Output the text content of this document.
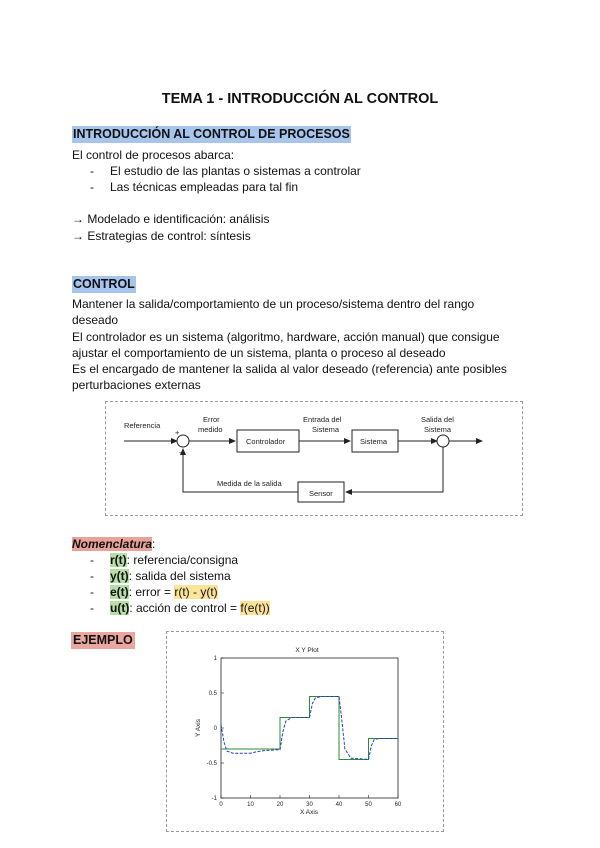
TEMA 1 - INTRODUCCIÓN AL CONTROL
INTRODUCCIÓN AL CONTROL DE PROCESOS
El control de procesos abarca:
- El estudio de las plantas o sistemas a controlar
- Las técnicas empleadas para tal fin
→ Modelado e identificación: análisis
→ Estrategias de control: síntesis
CONTROL
Mantener la salida/comportamiento de un proceso/sistema dentro del rango
deseado
El controlador es un sistema (algoritmo, hardware, acción manual) que consigue
ajustar el comportamiento de un sistema, planta o proceso al deseado
Es el encargado de mantener la salida al valor deseado (referencia) ante posibles
perturbaciones externas
Referencia
Error
medido
Controlador
Entrada del
Sistema
Sistema
Salida del
Sistema
Medida de la salida
Sensor
+
-
Nomenclatura:
- r(t): referencia/consigna
- y(t): salida del sistema
- e(t): error = r(t) - y(t)
- u(t): acción de control = f(e(t))
EJEMPLO
X Y Plot
1
0.5
0
-0.5
-1
0	10	20	30	40	50	60
X Axis
Y Axis
